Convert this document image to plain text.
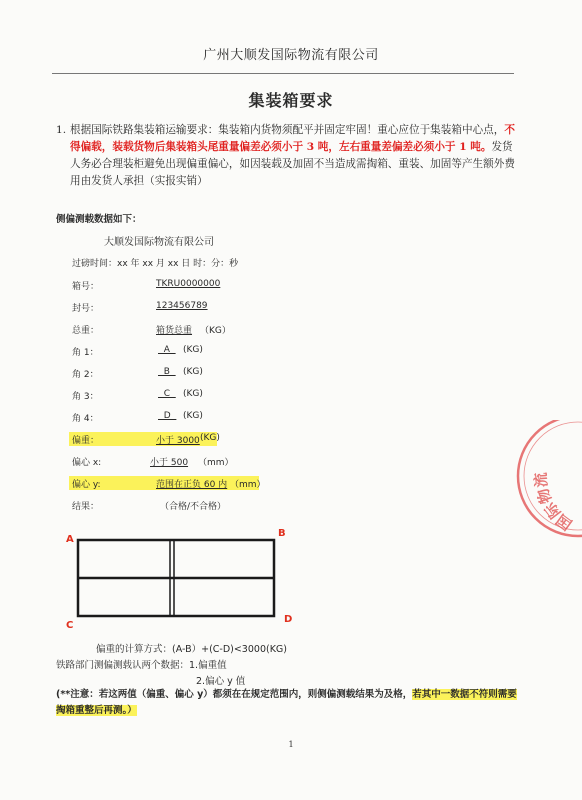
广州大顺发国际物流有限公司
集装箱要求
1. 根据国际铁路集装箱运输要求：集装箱内货物须配平并固定牢固！重心应位于集装箱中心点，不得偏载，装载货物后集装箱头尾重量偏差必须小于 3 吨，左右重量差偏差必须小于 1 吨。发货人务必合理装柜避免出现偏重偏心，如因装载及加固不当造成需掏箱、重装、加固等产生额外费用由发货人承担（实报实销）
侧偏测载数据如下：
大顺发国际物流有限公司
过磅时间：xx 年 xx 月 xx 日 时：分：秒
箱号：	TKRU0000000
封号：	123456789
总重：	箱货总重 （KG）
角 1：	A (KG)
角 2：	B (KG)
角 3：	C (KG)
角 4：	D (KG)
偏重：	小于 3000 (KG)
偏心 x:	小于 500 （mm）
偏心 y:	范围在正负 60 内 （mm）
结果：	（合格/不合格）
A
B
C
D
偏重的计算方式：(A-B）+(C-D)<3000(KG)
铁路部门测偏测载认两个数据：1.偏重值
2.偏心 y 值
(**注意：若这两值（偏重、偏心 y）都须在在规定范围内，则侧偏测载结果为及格，若其中一数据不符则需要掏箱重整后再测。）
1
国际物流
